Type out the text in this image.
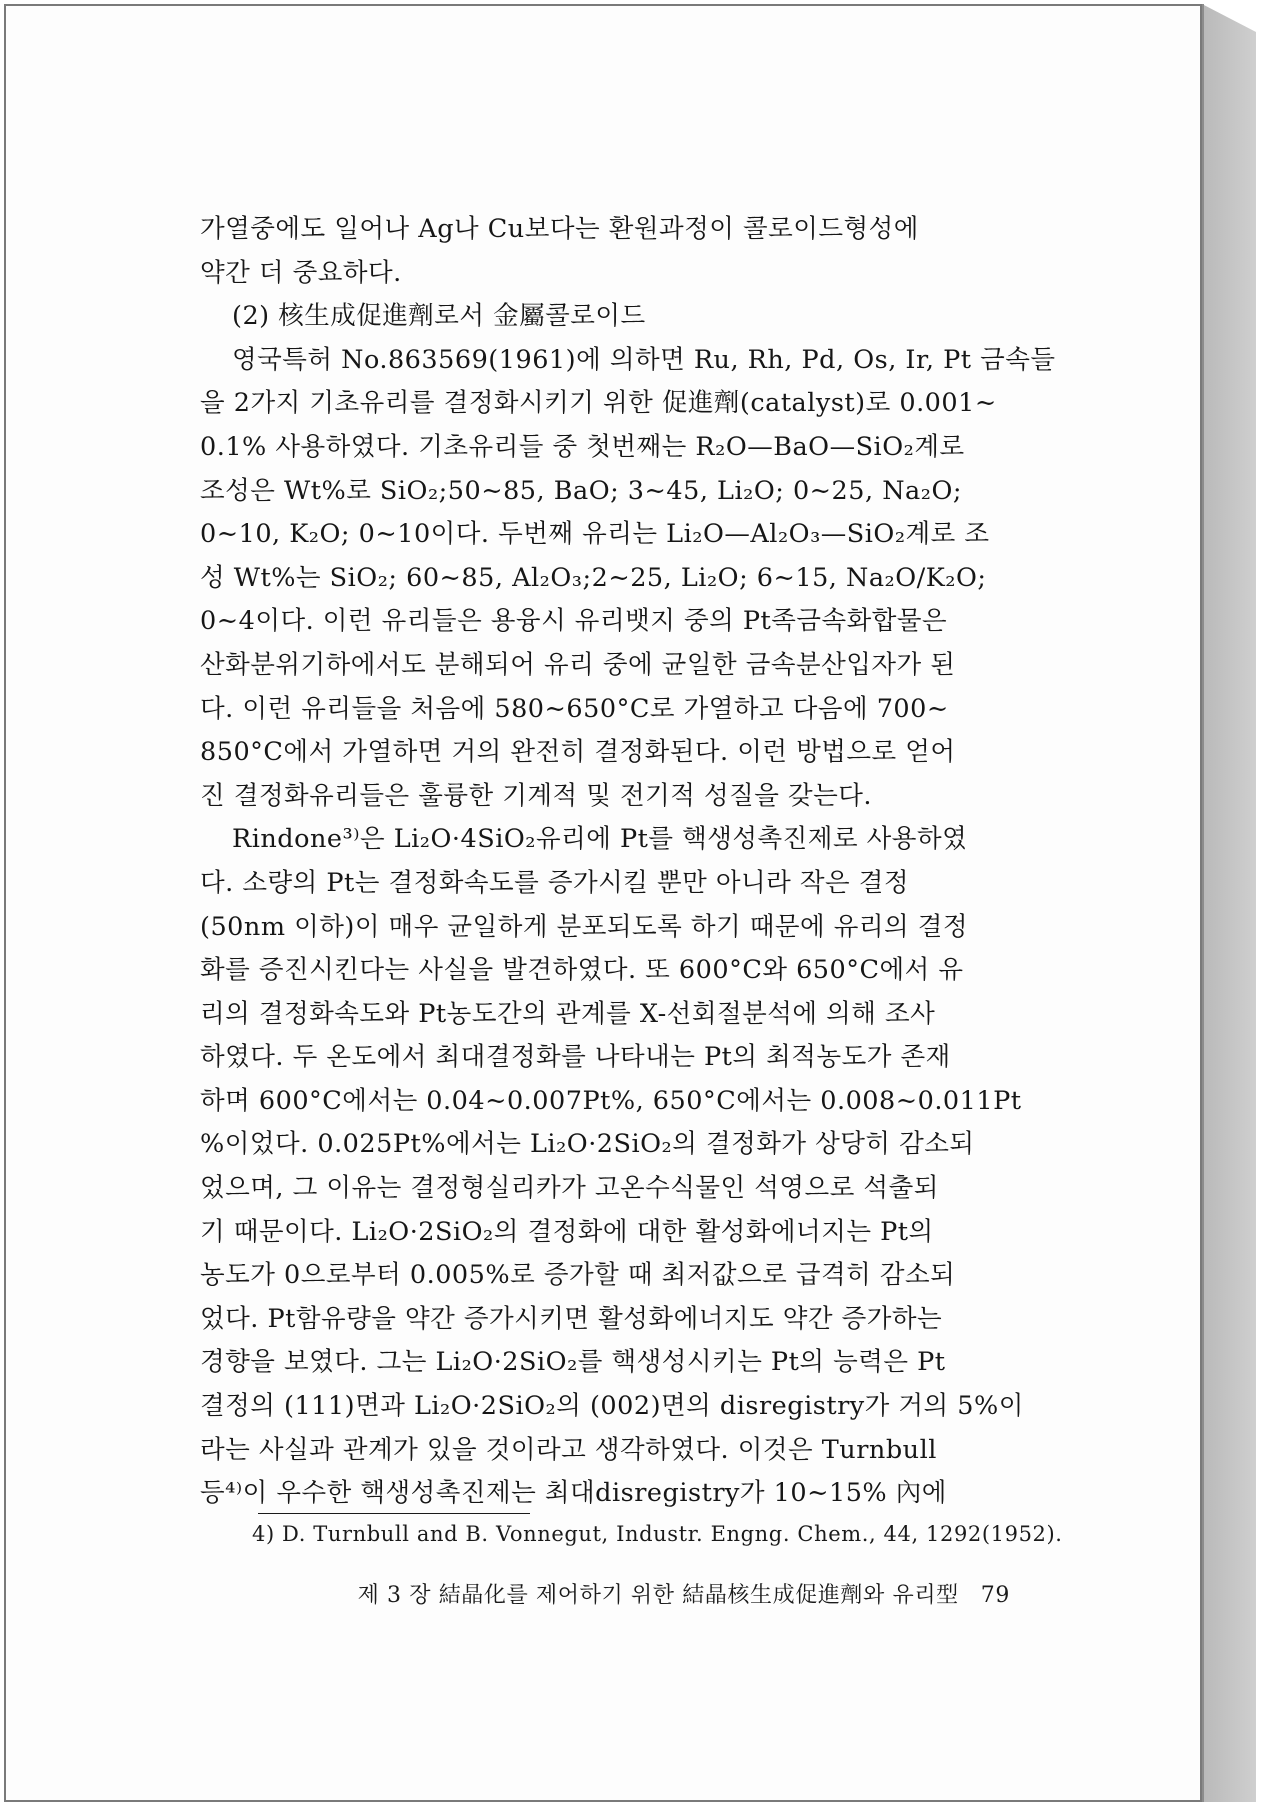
가열중에도 일어나 Ag나 Cu보다는 환원과정이 콜로이드형성에
약간 더 중요하다.
(2) 核生成促進劑로서 金屬콜로이드
영국특허 No.863569(1961)에 의하면 Ru, Rh, Pd, Os, Ir, Pt 금속들
을 2가지 기초유리를 결정화시키기 위한 促進劑(catalyst)로 0.001∼
0.1% 사용하였다. 기초유리들 중 첫번째는 R₂O—BaO—SiO₂계로
조성은 Wt%로 SiO₂;50∼85, BaO; 3∼45, Li₂O; 0∼25, Na₂O;
0∼10, K₂O; 0∼10이다. 두번째 유리는 Li₂O—Al₂O₃—SiO₂계로 조
성 Wt%는 SiO₂; 60∼85, Al₂O₃;2∼25, Li₂O; 6∼15, Na₂O/K₂O;
0∼4이다. 이런 유리들은 용융시 유리뱃지 중의 Pt족금속화합물은
산화분위기하에서도 분해되어 유리 중에 균일한 금속분산입자가 된
다. 이런 유리들을 처음에 580∼650°C로 가열하고 다음에 700∼
850°C에서 가열하면 거의 완전히 결정화된다. 이런 방법으로 얻어
진 결정화유리들은 훌륭한 기계적 및 전기적 성질을 갖는다.
Rindone³⁾은 Li₂O·4SiO₂유리에 Pt를 핵생성촉진제로 사용하였
다. 소량의 Pt는 결정화속도를 증가시킬 뿐만 아니라 작은 결정
(50nm 이하)이 매우 균일하게 분포되도록 하기 때문에 유리의 결정
화를 증진시킨다는 사실을 발견하였다. 또 600°C와 650°C에서 유
리의 결정화속도와 Pt농도간의 관계를 X-선회절분석에 의해 조사
하였다. 두 온도에서 최대결정화를 나타내는 Pt의 최적농도가 존재
하며 600°C에서는 0.04∼0.007Pt%, 650°C에서는 0.008∼0.011Pt
%이었다. 0.025Pt%에서는 Li₂O·2SiO₂의 결정화가 상당히 감소되
었으며, 그 이유는 결정형실리카가 고온수식물인 석영으로 석출되
기 때문이다. Li₂O·2SiO₂의 결정화에 대한 활성화에너지는 Pt의
농도가 0으로부터 0.005%로 증가할 때 최저값으로 급격히 감소되
었다. Pt함유량을 약간 증가시키면 활성화에너지도 약간 증가하는
경향을 보였다. 그는 Li₂O·2SiO₂를 핵생성시키는 Pt의 능력은 Pt
결정의 (111)면과 Li₂O·2SiO₂의 (002)면의 disregistry가 거의 5%이
라는 사실과 관계가 있을 것이라고 생각하였다. 이것은 Turnbull
등⁴⁾이 우수한 핵생성촉진제는 최대disregistry가 10∼15% 內에
4) D. Turnbull and B. Vonnegut, Industr. Engng. Chem., 44, 1292(1952).
제 3 장 結晶化를 제어하기 위한 結晶核生成促進劑와 유리型 79
